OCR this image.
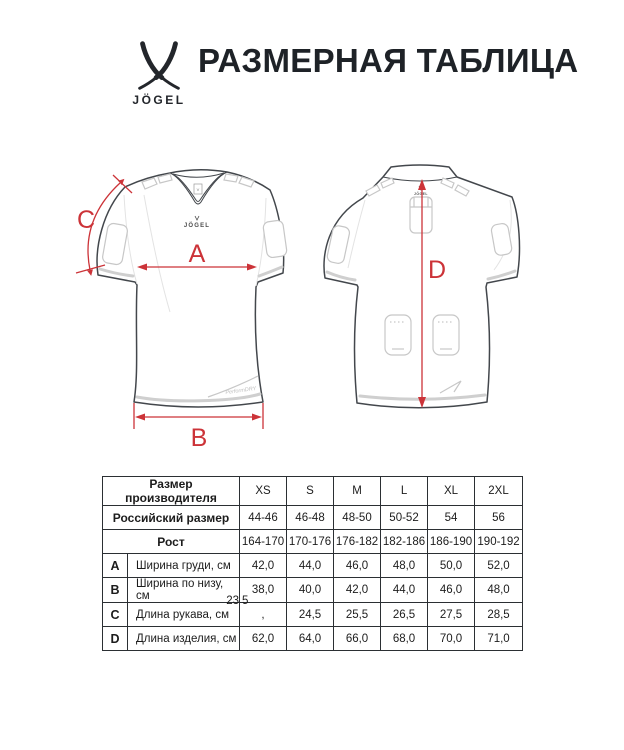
JÖGEL
РАЗМЕРНАЯ ТАБЛИЦА
V
JÖGEL
PerformDRY
A
B
C
JÖGEL
D
Размер производителя		XS	S	M	L	XL	2XL
Российский размер		44-46	46-48	48-50	50-52	54	56
Рост		164-170	170-176	176-182	182-186	186-190	190-192
A	Ширина груди, см	42,0	44,0	46,0	48,0	50,0	52,0
B	Ширина по низу, см	38,0	40,0	42,0	44,0	46,0	48,0
C	Длина рукава, см	,	24,5	25,5	26,5	27,5	28,5
D	Длина изделия, см	62,0	64,0	66,0	68,0	70,0	71,0
23 5
